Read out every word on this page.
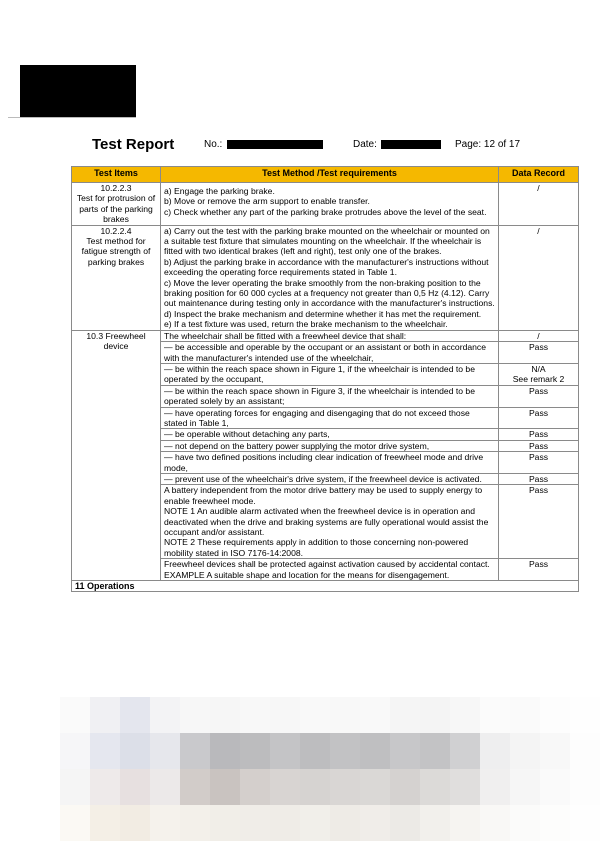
Test Report	No.:	Date:	Page: 12 of 17
Test Items	Test Method /Test requirements	Data Record

10.2.2.3
Test for protrusion of parts of the parking brakes	a) Engage the parking brake.
b) Move or remove the arm support to enable transfer.
c) Check whether any part of the parking brake protrudes above the level of the seat.	/

10.2.2.4
Test method for fatigue strength of parking brakes	a) Carry out the test with the parking brake mounted on the wheelchair or mounted on a suitable test fixture that simulates mounting on the wheelchair. If the wheelchair is fitted with two identical brakes (left and right), test only one of the brakes.
b) Adjust the parking brake in accordance with the manufacturer's instructions without exceeding the operating force requirements stated in Table 1.
c) Move the lever operating the brake smoothly from the non-braking position to the braking position for 60 000 cycles at a frequency not greater than 0,5 Hz (4.12). Carry out maintenance during testing only in accordance with the manufacturer's instructions.
d) Inspect the brake mechanism and determine whether it has met the requirement.
e) If a test fixture was used, return the brake mechanism to the wheelchair.	/
10.3 Freewheel device	The wheelchair shall be fitted with a freewheel device that shall:	/
	— be accessible and operable by the occupant or an assistant or both in accordance with the manufacturer's intended use of the wheelchair,	Pass
	— be within the reach space shown in Figure 1, if the wheelchair is intended to be operated by the occupant,	N/A
See remark 2

	— be within the reach space shown in Figure 3, if the wheelchair is intended to be operated solely by an assistant;	Pass
	— have operating forces for engaging and disengaging that do not exceed those stated in Table 1,	Pass
	— be operable without detaching any parts,	Pass
	— not depend on the battery power supplying the motor drive system,	Pass
	— have two defined positions including clear indication of freewheel mode and drive mode,	Pass
	— prevent use of the wheelchair's drive system, if the freewheel device is activated.	Pass

	A battery independent from the motor drive battery may be used to supply energy to enable freewheel mode.
NOTE 1 An audible alarm activated when the freewheel device is in operation and deactivated when the drive and braking systems are fully operational would assist the occupant and/or assistant.
NOTE 2 These requirements apply in addition to those concerning non-powered mobility stated in ISO 7176-14:2008.	Pass
	Freewheel devices shall be protected against activation caused by accidental contact. EXAMPLE A suitable shape and location for the means for disengagement.	Pass
11 Operations		
